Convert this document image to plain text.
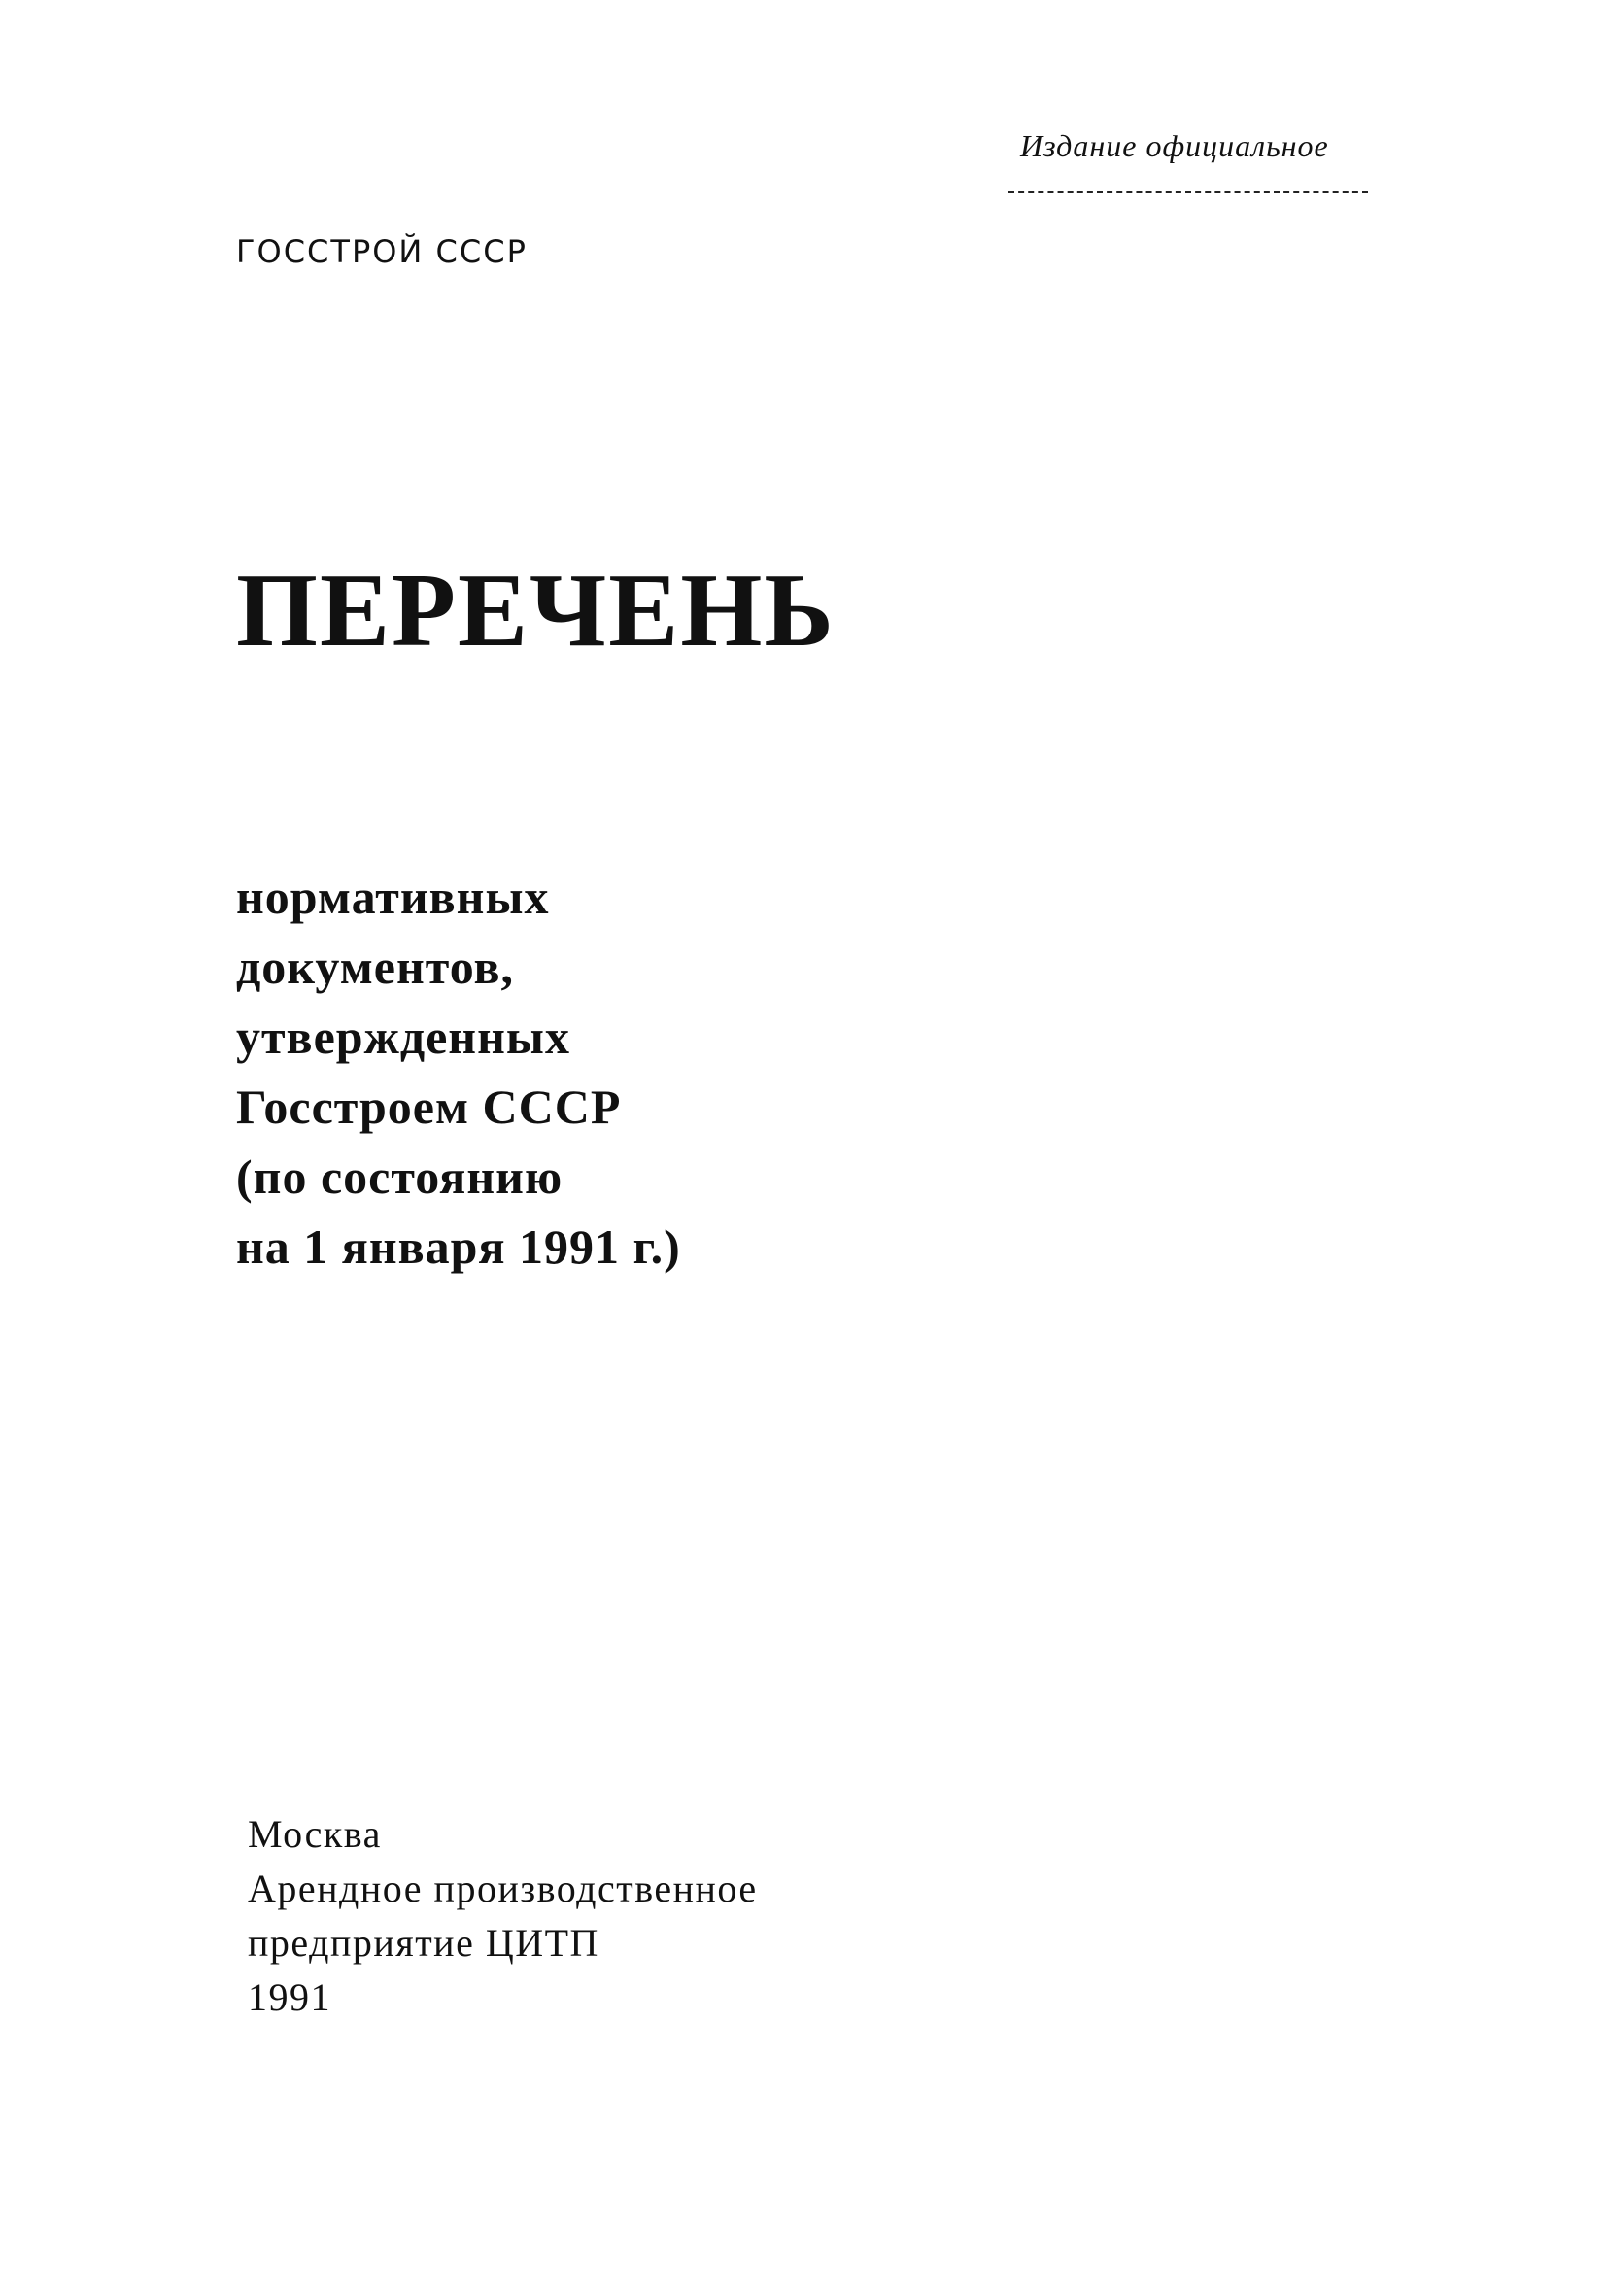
Издание официальное
ГОССТРОЙ СССР
ПЕРЕЧЕНЬ
нормативных
документов,
утвержденных
Госстроем СССР
(по состоянию
на 1 января 1991 г.)
Москва
Арендное производственное
предприятие ЦИТП
1991
